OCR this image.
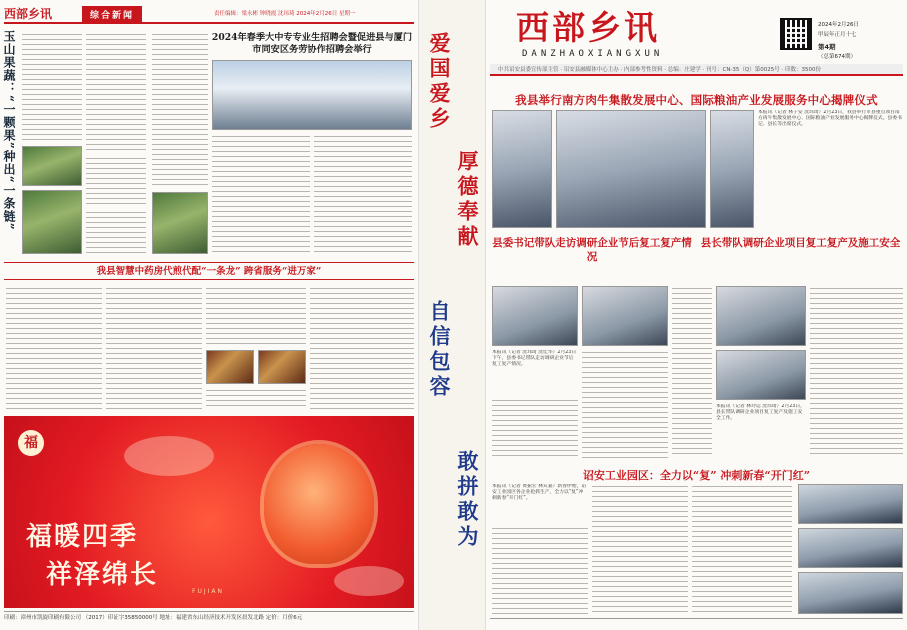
西部乡讯	综合新闻	责任编辑：梁永彬 钟晓霞 沈玮琦 2024年2月26日 星期一
玉山果蔬：“一颗果”种出“一条链”	2024年春季大中专专业生招聘会暨促进县与厦门市同安区务劳协作招聘会举行
我县智慧中药房代煎代配“一条龙” 跨省服务“进万家”
福
福暖四季
祥泽绵长
FUJIAN
印刷：漳州市凯旋印刷有限公司 （2017）印证字35850000号 地址：福建省东山经济技术开发区晨发北路 定价：月价6元
爱国爱乡
厚德奉献
自信包容
敢拼敢为
西部乡讯
DANZHAOXIANGXUN
2024年2月26日
甲辰年正月十七
第4期
（总第674期）
中共诏安县委宣传部主管 · 诏安县融媒体中心主办 · 内部参考性资料 · 总编：庄建学 · 刊号：CN-35（Q）第0025号 · 印数：3500份
我县举行南方肉牛集散发展中心、国际粮油产业发展服务中心揭牌仪式
本报讯（记者 林子安 沈玮琦）2月23日，我县举行市县重点项目南方肉牛集散发展中心、国际粮油产业发展服务中心揭牌仪式。县委书记、县长等出席仪式。
县委书记带队走访调研企业节后复工复产情况
县长带队调研企业项目复工复产及施工安全
本报讯（记者 沈玮琦 沈佳华）2月23日下午，县委书记带队走访调研企业节后复工复产情况。
本报讯（记者 林玲运 沈玮琦）2月23日，县长带队调研企业项目复工复产及施工安全工作。
诏安工业园区：全力以“复” 冲刺新春“开门红”
本报讯（记者 黄振宏 林宾嘉）新春伊始，诏安工业园区各企业抢抓生产，全力以“复”冲刺新春“开门红”。
